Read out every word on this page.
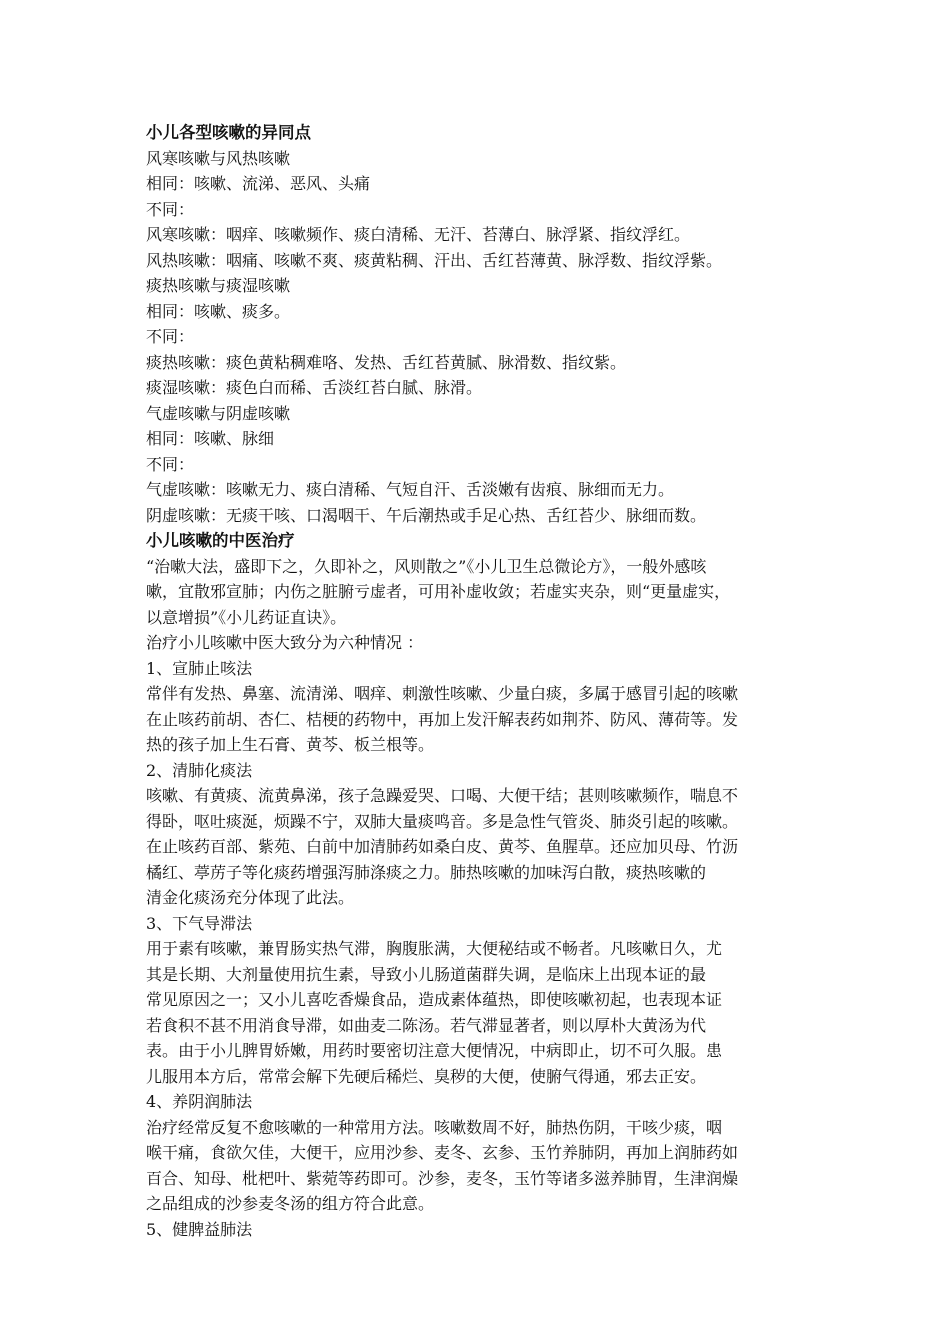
小儿各型咳嗽的异同点
风寒咳嗽与风热咳嗽
相同：咳嗽、流涕、恶风、头痛
不同：
风寒咳嗽：咽痒、咳嗽频作、痰白清稀、无汗、苔薄白、脉浮紧、指纹浮红。
风热咳嗽：咽痛、咳嗽不爽、痰黄粘稠、汗出、舌红苔薄黄、脉浮数、指纹浮紫。
痰热咳嗽与痰湿咳嗽
相同：咳嗽、痰多。
不同：
痰热咳嗽：痰色黄粘稠难咯、发热、舌红苔黄腻、脉滑数、指纹紫。
痰湿咳嗽：痰色白而稀、舌淡红苔白腻、脉滑。
气虚咳嗽与阴虚咳嗽
相同：咳嗽、脉细
不同：
气虚咳嗽：咳嗽无力、痰白清稀、气短自汗、舌淡嫩有齿痕、脉细而无力。
阴虚咳嗽：无痰干咳、口渴咽干、午后潮热或手足心热、舌红苔少、脉细而数。
小儿咳嗽的中医治疗
“治嗽大法，盛即下之，久即补之，风则散之”《小儿卫生总微论方》，一般外感咳
嗽，宜散邪宣肺；内伤之脏腑亏虚者，可用补虚收敛；若虚实夹杂，则“更量虚实，
以意增损”《小儿药证直诀》。
治疗小儿咳嗽中医大致分为六种情况 ：
1、宣肺止咳法
常伴有发热、鼻塞、流清涕、咽痒、刺激性咳嗽、少量白痰，多属于感冒引起的咳嗽
在止咳药前胡、杏仁、桔梗的药物中，再加上发汗解表药如荆芥、防风、薄荷等。发
热的孩子加上生石膏、黄芩、板兰根等。
2、清肺化痰法
咳嗽、有黄痰、流黄鼻涕，孩子急躁爱哭、口喝、大便干结；甚则咳嗽频作，喘息不
得卧，呕吐痰涎，烦躁不宁，双肺大量痰鸣音。多是急性气管炎、肺炎引起的咳嗽。
在止咳药百部、紫苑、白前中加清肺药如桑白皮、黄芩、鱼腥草。还应加贝母、竹沥
橘红、葶苈子等化痰药增强泻肺涤痰之力。肺热咳嗽的加味泻白散，痰热咳嗽的
清金化痰汤充分体现了此法。
3、下气导滞法
用于素有咳嗽，兼胃肠实热气滞，胸腹胀满，大便秘结或不畅者。凡咳嗽日久，尤
其是长期、大剂量使用抗生素，导致小儿肠道菌群失调，是临床上出现本证的最
常见原因之一；又小儿喜吃香燥食品，造成素体蕴热，即使咳嗽初起，也表现本证
若食积不甚不用消食导滞，如曲麦二陈汤。若气滞显著者，则以厚朴大黄汤为代
表。由于小儿脾胃娇嫩，用药时要密切注意大便情况，中病即止，切不可久服。患
儿服用本方后，常常会解下先硬后稀烂、臭秽的大便，使腑气得通，邪去正安。
4、养阴润肺法
治疗经常反复不愈咳嗽的一种常用方法。咳嗽数周不好，肺热伤阴，干咳少痰，咽
喉干痛，食欲欠佳，大便干，应用沙参、麦冬、玄参、玉竹养肺阴，再加上润肺药如
百合、知母、枇杷叶、紫菀等药即可。沙参，麦冬，玉竹等诸多滋养肺胃，生津润燥
之品组成的沙参麦冬汤的组方符合此意。
5、健脾益肺法
